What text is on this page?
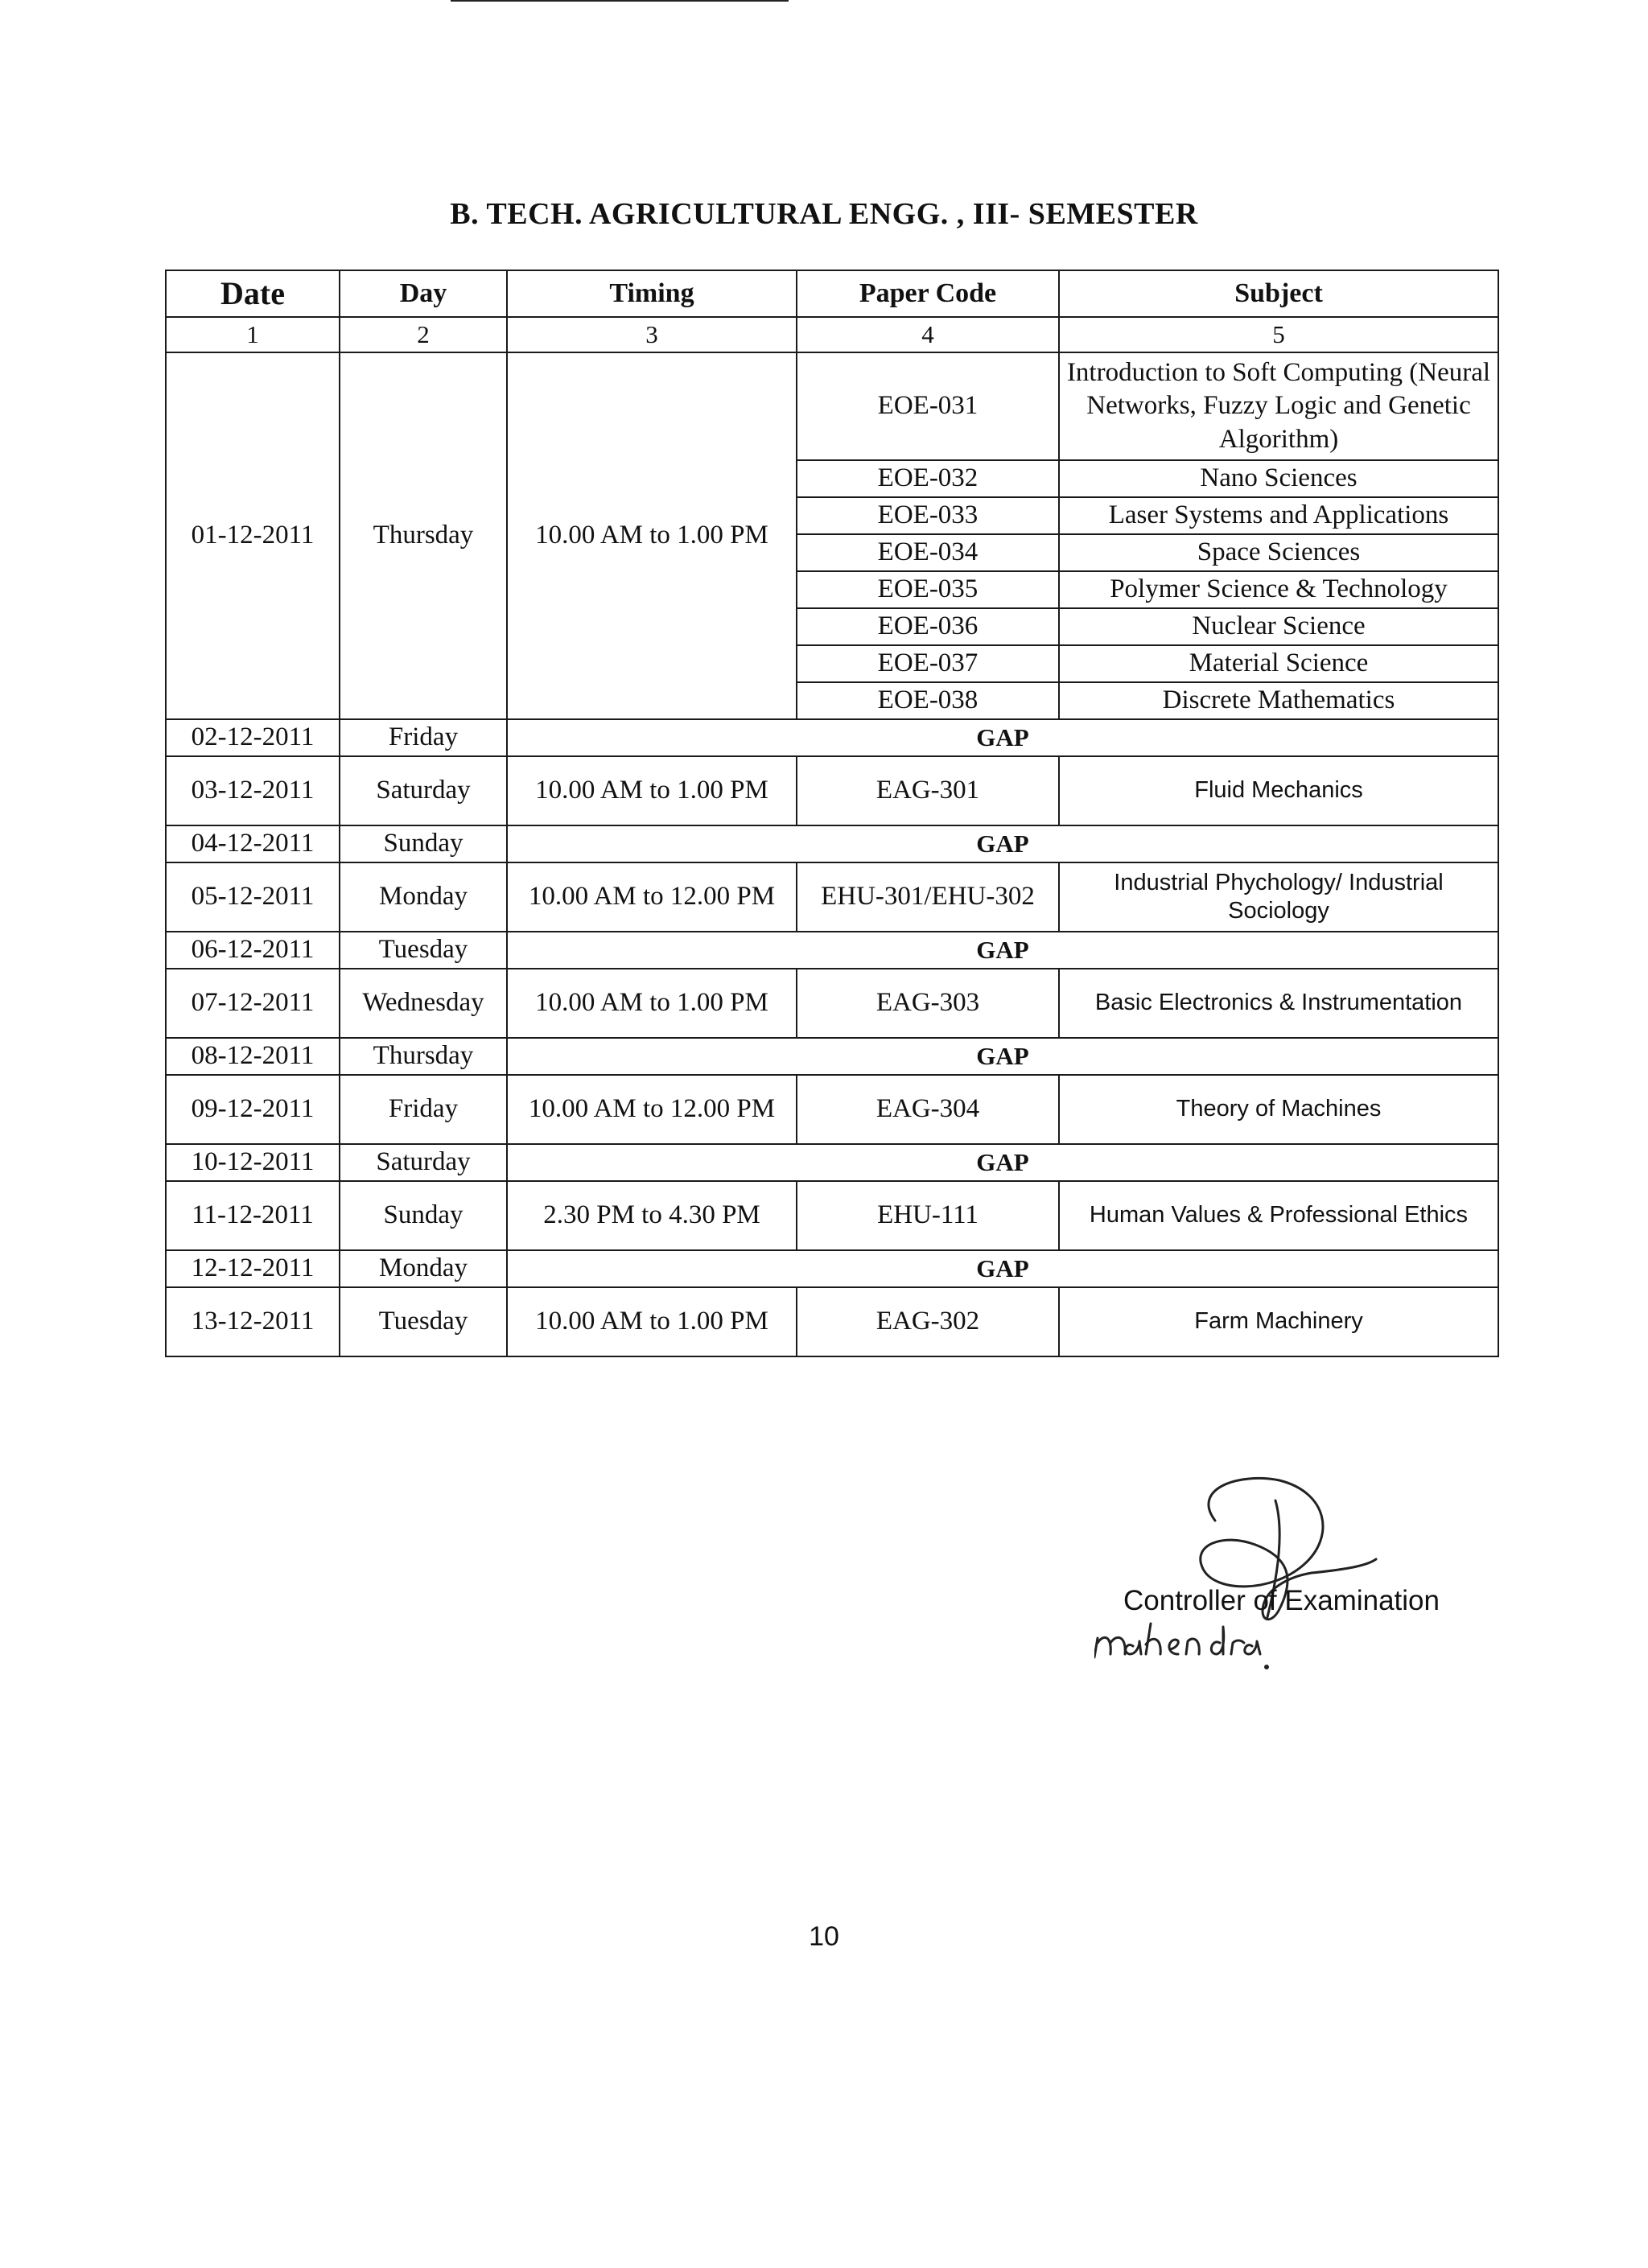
B. TECH. AGRICULTURAL ENGG. , III- SEMESTER
Date	Day	Timing	Paper Code	Subject
1	2	3	4	5
01-12-2011	Thursday	10.00 AM to 1.00 PM	EOE-031	Introduction to Soft Computing (Neural Networks, Fuzzy Logic and Genetic Algorithm)
			EOE-032	Nano Sciences
			EOE-033	Laser Systems and Applications
			EOE-034	Space Sciences
			EOE-035	Polymer Science & Technology
			EOE-036	Nuclear Science
			EOE-037	Material Science
			EOE-038	Discrete Mathematics
02-12-2011	Friday	GAP		
03-12-2011	Saturday	10.00 AM to 1.00 PM	EAG-301	Fluid Mechanics
04-12-2011	Sunday	GAP		
05-12-2011	Monday	10.00 AM to 12.00 PM	EHU-301/EHU-302	Industrial Phychology/ Industrial Sociology
06-12-2011	Tuesday	GAP		
07-12-2011	Wednesday	10.00 AM to 1.00 PM	EAG-303	Basic Electronics & Instrumentation
08-12-2011	Thursday	GAP		
09-12-2011	Friday	10.00 AM to 12.00 PM	EAG-304	Theory of Machines
10-12-2011	Saturday	GAP		
11-12-2011	Sunday	2.30 PM to 4.30 PM	EHU-111	Human Values & Professional Ethics
12-12-2011	Monday	GAP		
13-12-2011	Tuesday	10.00 AM to 1.00 PM	EAG-302	Farm Machinery
Controller of Examination
10
